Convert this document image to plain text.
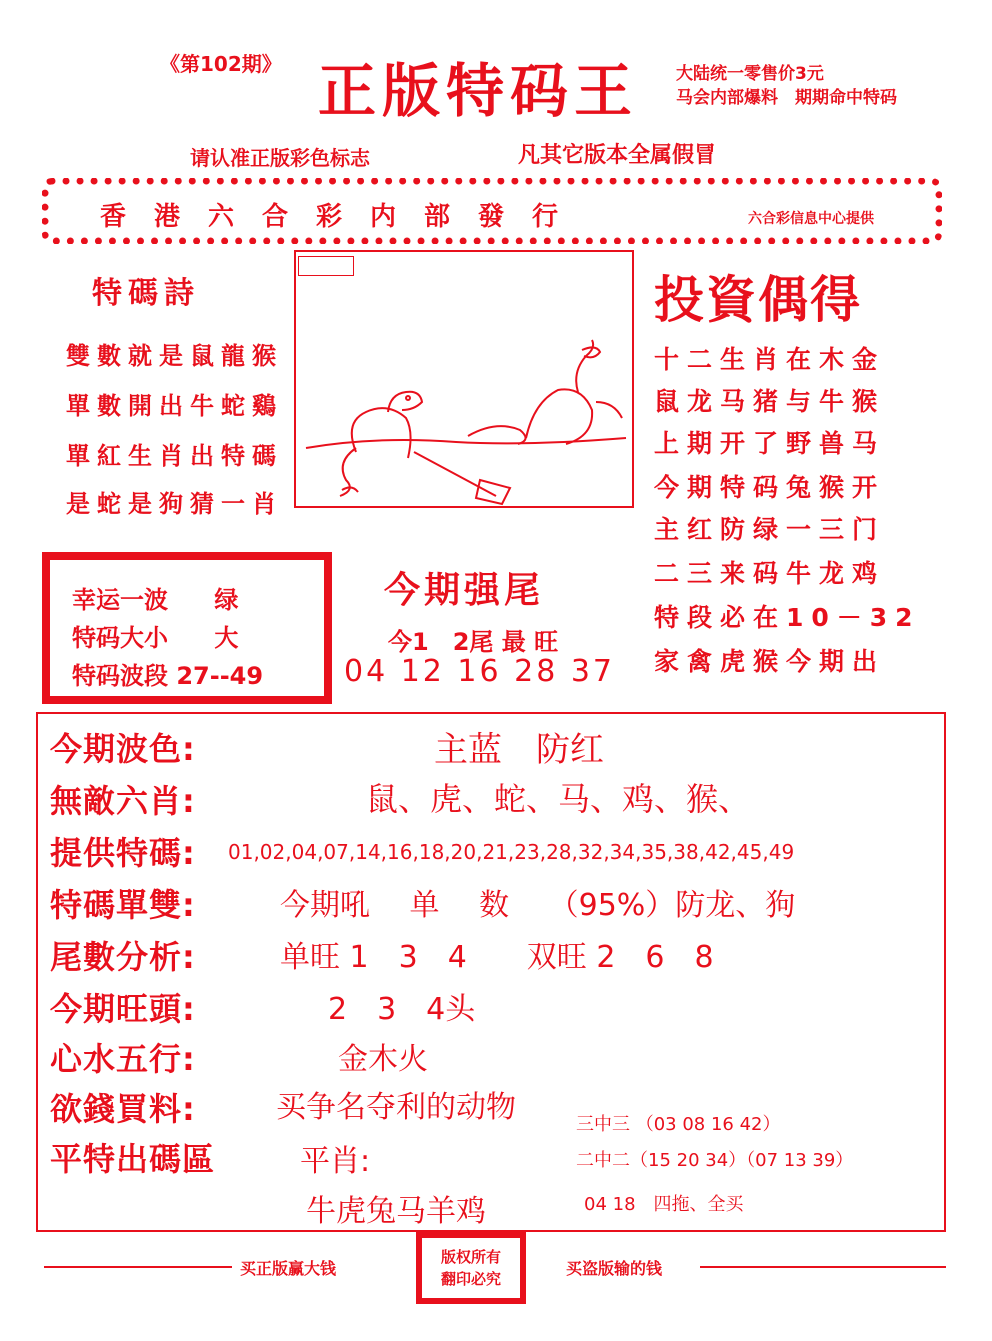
《第102期》 正版特码王 大陆统一零售价3元
马会内部爆料　期期命中特码
请认准正版彩色标志	凡其它版本全属假冒
香港六合彩内部發行	六合彩信息中心提供
特碼詩
雙數就是鼠龍猴
單數開出牛蛇鷄
單紅生肖出特碼
是蛇是狗猜一肖
投資偶得
十二生肖在木金
鼠龙马猪与牛猴
上期开了野兽马
今期特码兔猴开
主红防绿一三门
二三来码牛龙鸡
特段必在10－32
家禽虎猴今期出
幸运一波 绿
特码大小 大
特码波段 27--49
今期强尾
今1　2尾 最 旺
04 12 16 28 37
今期波色:	主蓝　防红
無敵六肖:	鼠、虎、蛇、马、鸡、猴、
提供特碼: 01,02,04,07,14,16,18,20,21,23,28,32,34,35,38,42,45,49
特碼單雙:	今期吼　 单　 数　 （95%）防龙、狗
尾數分析:	单旺 1　3　4　　双旺 2　6　8
今期旺頭:	2　3　4头
心水五行:	金木火
欲錢買料:	买争名夺利的动物	三中三 （03 08 16 42）
平特出碼區	平肖:	二中二（15 20 34）（07 13 39）
牛虎兔马羊鸡	04 18　四拖、全买
买正版赢大钱
版权所有
翻印必究
买盗版输的钱
